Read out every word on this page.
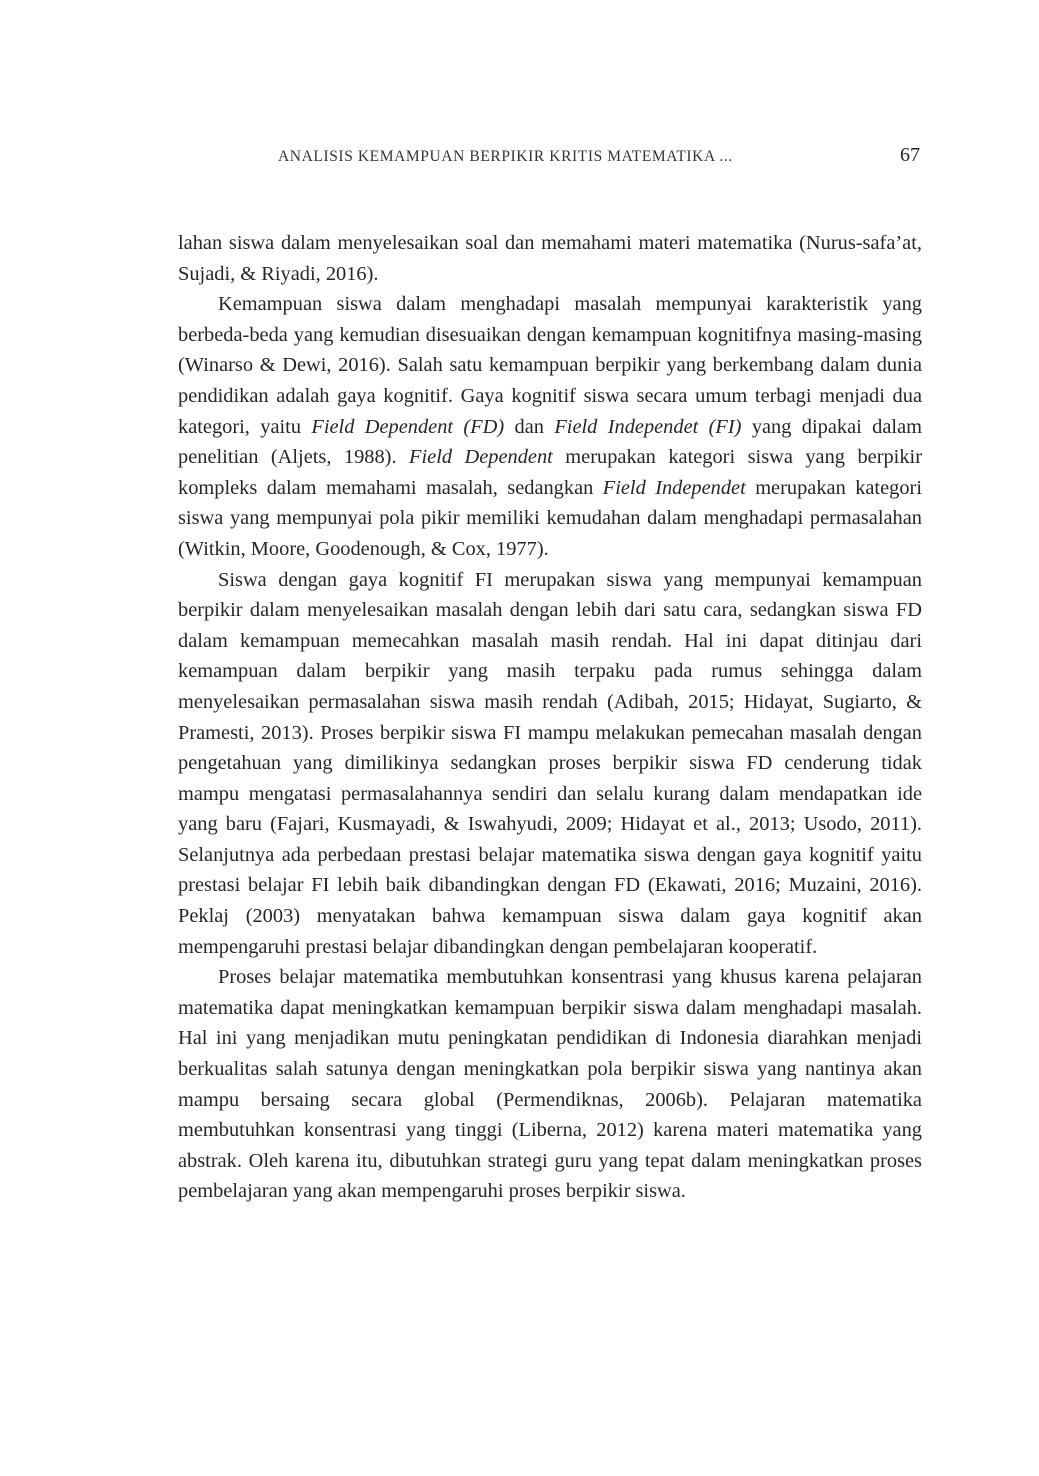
ANALISIS KEMAMPUAN BERPIKIR KRITIS MATEMATIKA ...	67

lahan siswa dalam menyelesaikan soal dan memahami materi matematika (Nurus-safa’at, Sujadi, & Riyadi, 2016).

Kemampuan siswa dalam menghadapi masalah mempunyai karakteristik yang berbeda-beda yang kemudian disesuaikan dengan kemampuan kognitifnya masing-masing (Winarso & Dewi, 2016). Salah satu kemampuan berpikir yang berkembang dalam dunia pendidikan adalah gaya kognitif. Gaya kognitif siswa secara umum terbagi menjadi dua kategori, yaitu Field Dependent (FD) dan Field Independet (FI) yang dipakai dalam penelitian (Aljets, 1988). Field Dependent merupakan kategori siswa yang berpikir kompleks dalam memahami masalah, sedangkan Field Independet merupakan kategori siswa yang mempunyai pola pikir memiliki kemudahan dalam menghadapi permasalahan (Witkin, Moore, Goodenough, & Cox, 1977).

Siswa dengan gaya kognitif FI merupakan siswa yang mempunyai kemampuan berpikir dalam menyelesaikan masalah dengan lebih dari satu cara, sedangkan siswa FD dalam kemampuan memecahkan masalah masih rendah. Hal ini dapat ditinjau dari kemampuan dalam berpikir yang masih terpaku pada rumus sehingga dalam menyelesaikan permasalahan siswa masih rendah (Adibah, 2015; Hidayat, Sugiarto, & Pramesti, 2013). Proses berpikir siswa FI mampu melakukan pemecahan masalah dengan pengetahuan yang dimilikinya sedangkan proses berpikir siswa FD cenderung tidak mampu mengatasi permasalahannya sendiri dan selalu kurang dalam mendapatkan ide yang baru (Fajari, Kusmayadi, & Iswahyudi, 2009; Hidayat et al., 2013; Usodo, 2011). Selanjutnya ada perbedaan prestasi belajar matematika siswa dengan gaya kognitif yaitu prestasi belajar FI lebih baik dibandingkan dengan FD (Ekawati, 2016; Muzaini, 2016). Peklaj (2003) menyatakan bahwa kemampuan siswa dalam gaya kognitif akan mempengaruhi prestasi belajar dibandingkan dengan pembelajaran kooperatif.

Proses belajar matematika membutuhkan konsentrasi yang khusus karena pelajaran matematika dapat meningkatkan kemampuan berpikir siswa dalam menghadapi masalah. Hal ini yang menjadikan mutu peningkatan pendidikan di Indonesia diarahkan menjadi berkualitas salah satunya dengan meningkatkan pola berpikir siswa yang nantinya akan mampu bersaing secara global (Permendiknas, 2006b). Pelajaran matematika membutuhkan konsentrasi yang tinggi (Liberna, 2012) karena materi matematika yang abstrak. Oleh karena itu, dibutuhkan strategi guru yang tepat dalam meningkatkan proses pembelajaran yang akan mempengaruhi proses berpikir siswa.
